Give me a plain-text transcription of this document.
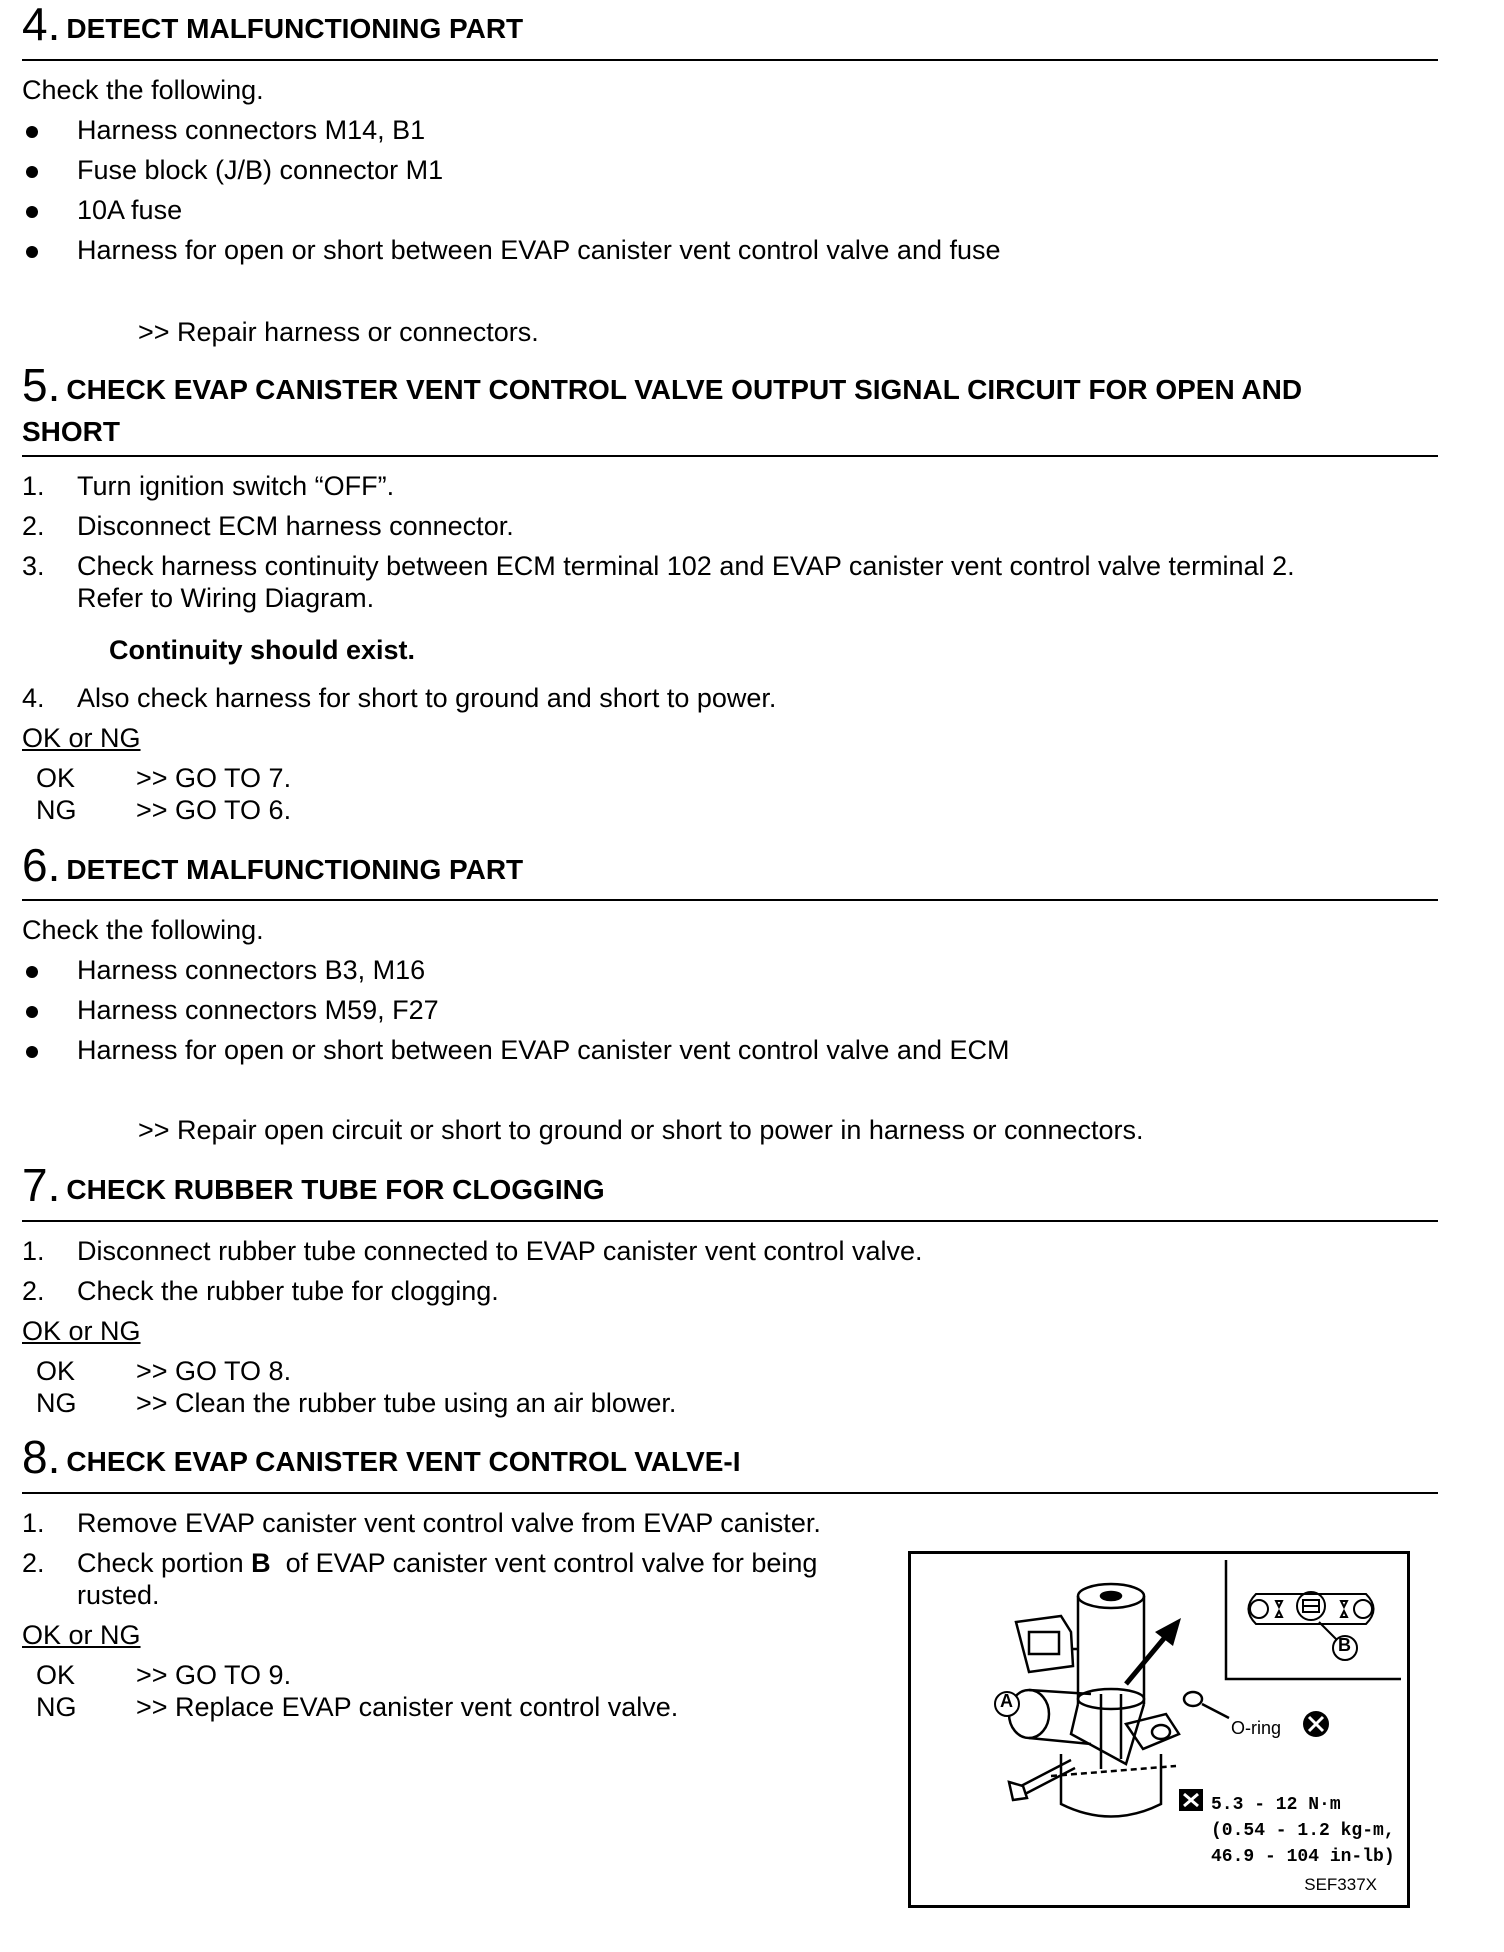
4. DETECT MALFUNCTIONING PART
Check the following.
Harness connectors M14, B1
Fuse block (J/B) connector M1
10A fuse
Harness for open or short between EVAP canister vent control valve and fuse
>> Repair harness or connectors.
5. CHECK EVAP CANISTER VENT CONTROL VALVE OUTPUT SIGNAL CIRCUIT FOR OPEN AND
SHORT
1. Turn ignition switch “OFF”.
2. Disconnect ECM harness connector.
3. Check harness continuity between ECM terminal 102 and EVAP canister vent control valve terminal 2.
Refer to Wiring Diagram.
Continuity should exist.
4. Also check harness for short to ground and short to power.
OK or NG
OK >> GO TO 7.
NG >> GO TO 6.
6. DETECT MALFUNCTIONING PART
Check the following.
Harness connectors B3, M16
Harness connectors M59, F27
Harness for open or short between EVAP canister vent control valve and ECM
>> Repair open circuit or short to ground or short to power in harness or connectors.
7. CHECK RUBBER TUBE FOR CLOGGING
1. Disconnect rubber tube connected to EVAP canister vent control valve.
2. Check the rubber tube for clogging.
OK or NG
OK >> GO TO 8.
NG >> Clean the rubber tube using an air blower.
8. CHECK EVAP CANISTER VENT CONTROL VALVE-I
1. Remove EVAP canister vent control valve from EVAP canister.
2. Check portion B  of EVAP canister vent control valve for being
rusted.
OK or NG
OK >> GO TO 9.
NG >> Replace EVAP canister vent control valve.	A
B
O-ring
5.3 - 12 N·m
(0.54 - 1.2 kg-m,
46.9 - 104 in-lb)
SEF337X
